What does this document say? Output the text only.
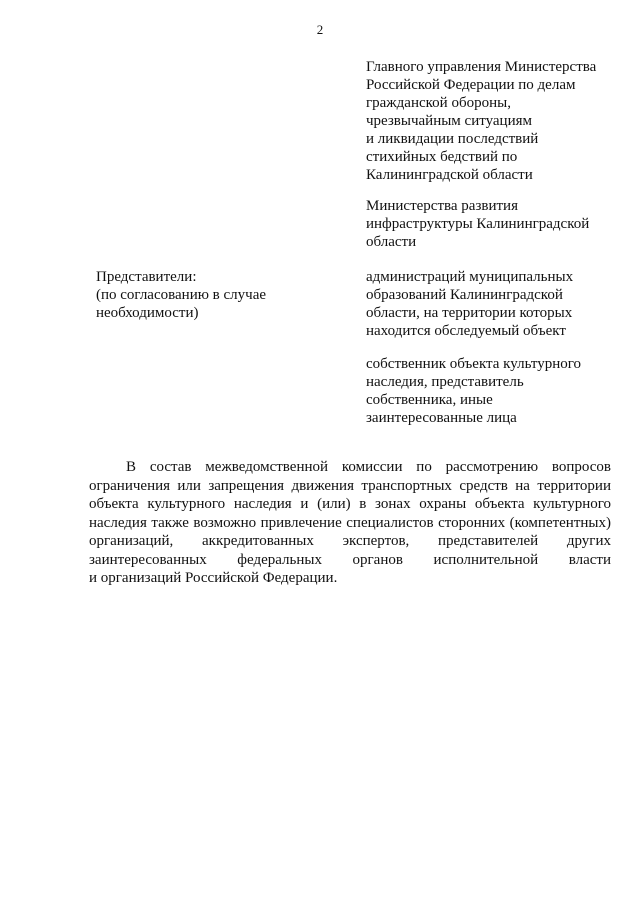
2
Главного управления Министерства
Российской Федерации по делам
гражданской обороны,
чрезвычайным ситуациям
и ликвидации последствий
стихийных бедствий по
Калининградской области
Министерства развития
инфраструктуры Калининградской
области
Представители:
(по согласованию в случае
необходимости)
администраций муниципальных
образований Калининградской
области, на территории которых
находится обследуемый объект
собственник объекта культурного
наследия, представитель
собственника, иные
заинтересованные лица
В состав межведомственной комиссии по рассмотрению вопросов
ограничения или запрещения движения транспортных средств на территории
объекта культурного наследия и (или) в зонах охраны объекта культурного
наследия также возможно привлечение специалистов сторонних (компетентных)
организаций, аккредитованных экспертов, представителей других
заинтересованных федеральных органов исполнительной власти
и организаций Российской Федерации.
